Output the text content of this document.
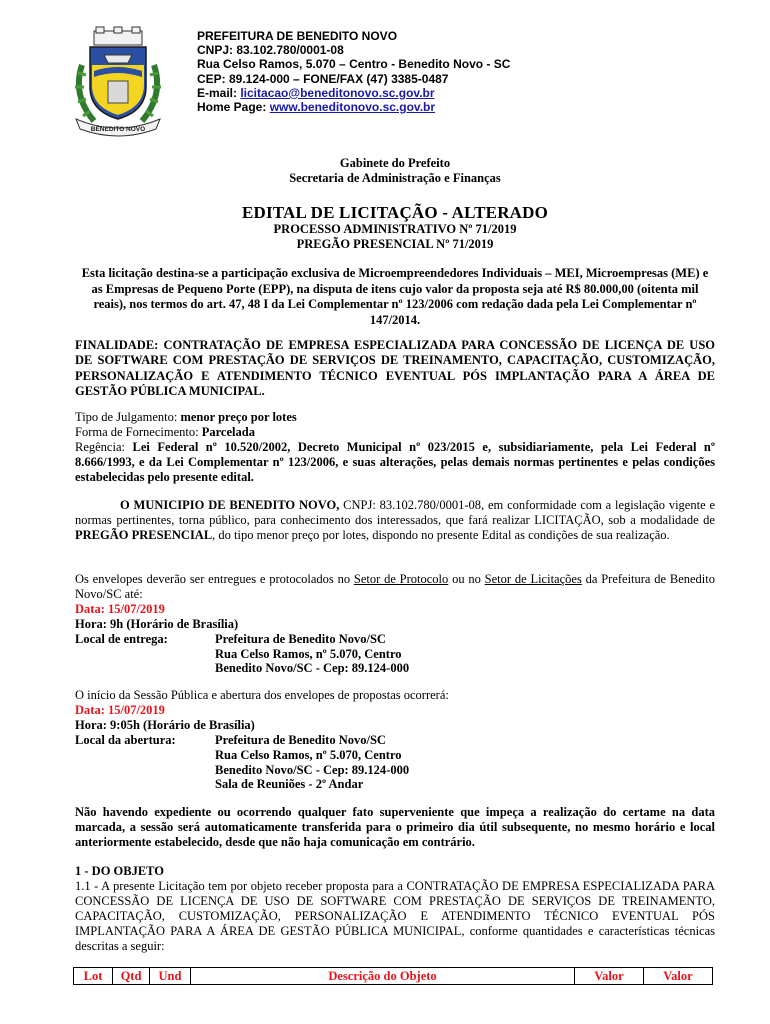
BENEDITO NOVO
PREFEITURA DE BENEDITO NOVO
CNPJ: 83.102.780/0001-08
Rua Celso Ramos, 5.070 – Centro - Benedito Novo - SC
CEP: 89.124-000 – FONE/FAX (47) 3385-0487
E-mail: licitacao@beneditonovo.sc.gov.br
Home Page: www.beneditonovo.sc.gov.br
Gabinete do Prefeito
Secretaria de Administração e Finanças
EDITAL DE LICITAÇÃO - ALTERADO
PROCESSO ADMINISTRATIVO Nº 71/2019
PREGÃO PRESENCIAL Nº 71/2019

Esta licitação destina-se a participação exclusiva de Microempreendedores Individuais – MEI, Microempresas (ME) e as Empresas de Pequeno Porte (EPP), na disputa de itens cujo valor da proposta seja até R$ 80.000,00 (oitenta mil reais), nos termos do art. 47, 48 I da Lei Complementar nº 123/2006 com redação dada pela Lei Complementar nº 147/2014.

FINALIDADE: CONTRATAÇÃO DE EMPRESA ESPECIALIZADA PARA CONCESSÃO DE LICENÇA DE USO DE SOFTWARE COM PRESTAÇÃO DE SERVIÇOS DE TREINAMENTO, CAPACITAÇÃO, CUSTOMIZAÇÃO, PERSONALIZAÇÃO E ATENDIMENTO TÉCNICO EVENTUAL PÓS IMPLANTAÇÃO PARA A ÁREA DE GESTÃO PÚBLICA MUNICIPAL.

Tipo de Julgamento: menor preço por lotes
Forma de Fornecimento: Parcelada
Regência: Lei Federal nº 10.520/2002, Decreto Municipal nº 023/2015 e, subsidiariamente, pela Lei Federal nº 8.666/1993, e da Lei Complementar nº 123/2006, e suas alterações, pelas demais normas pertinentes e pelas condições estabelecidas pelo presente edital.

O MUNICIPIO DE BENEDITO NOVO, CNPJ: 83.102.780/0001-08, em conformidade com a legislação vigente e normas pertinentes, torna público, para conhecimento dos interessados, que fará realizar LICITAÇÃO, sob a modalidade de PREGÃO PRESENCIAL, do tipo menor preço por lotes, dispondo no presente Edital as condições de sua realização.

Os envelopes deverão ser entregues e protocolados no Setor de Protocolo ou no Setor de Licitações da Prefeitura de Benedito Novo/SC até:

Data: 15/07/2019
Hora: 9h (Horário de Brasília)
Local de entrega:	Prefeitura de Benedito Novo/SC
Rua Celso Ramos, nº 5.070, Centro
Benedito Novo/SC - Cep: 89.124-000
O início da Sessão Pública e abertura dos envelopes de propostas ocorrerá:
Data: 15/07/2019
Hora: 9:05h (Horário de Brasília)
Local da abertura:	Prefeitura de Benedito Novo/SC
Rua Celso Ramos, nº 5.070, Centro
Benedito Novo/SC - Cep: 89.124-000
Sala de Reuniões - 2º Andar

Não havendo expediente ou ocorrendo qualquer fato superveniente que impeça a realização do certame na data marcada, a sessão será automaticamente transferida para o primeiro dia útil subsequente, no mesmo horário e local anteriormente estabelecido, desde que não haja comunicação em contrário.

1 - DO OBJETO

1.1 - A presente Licitação tem por objeto receber proposta para a CONTRATAÇÃO DE EMPRESA ESPECIALIZADA PARA CONCESSÃO DE LICENÇA DE USO DE SOFTWARE COM PRESTAÇÃO DE SERVIÇOS DE TREINAMENTO, CAPACITAÇÃO, CUSTOMIZAÇÃO, PERSONALIZAÇÃO E ATENDIMENTO TÉCNICO EVENTUAL PÓS IMPLANTAÇÃO PARA A ÁREA DE GESTÃO PÚBLICA MUNICIPAL, conforme quantidades e características técnicas descritas a seguir:

Lot	Qtd	Und	Descrição do Objeto	Valor	Valor
